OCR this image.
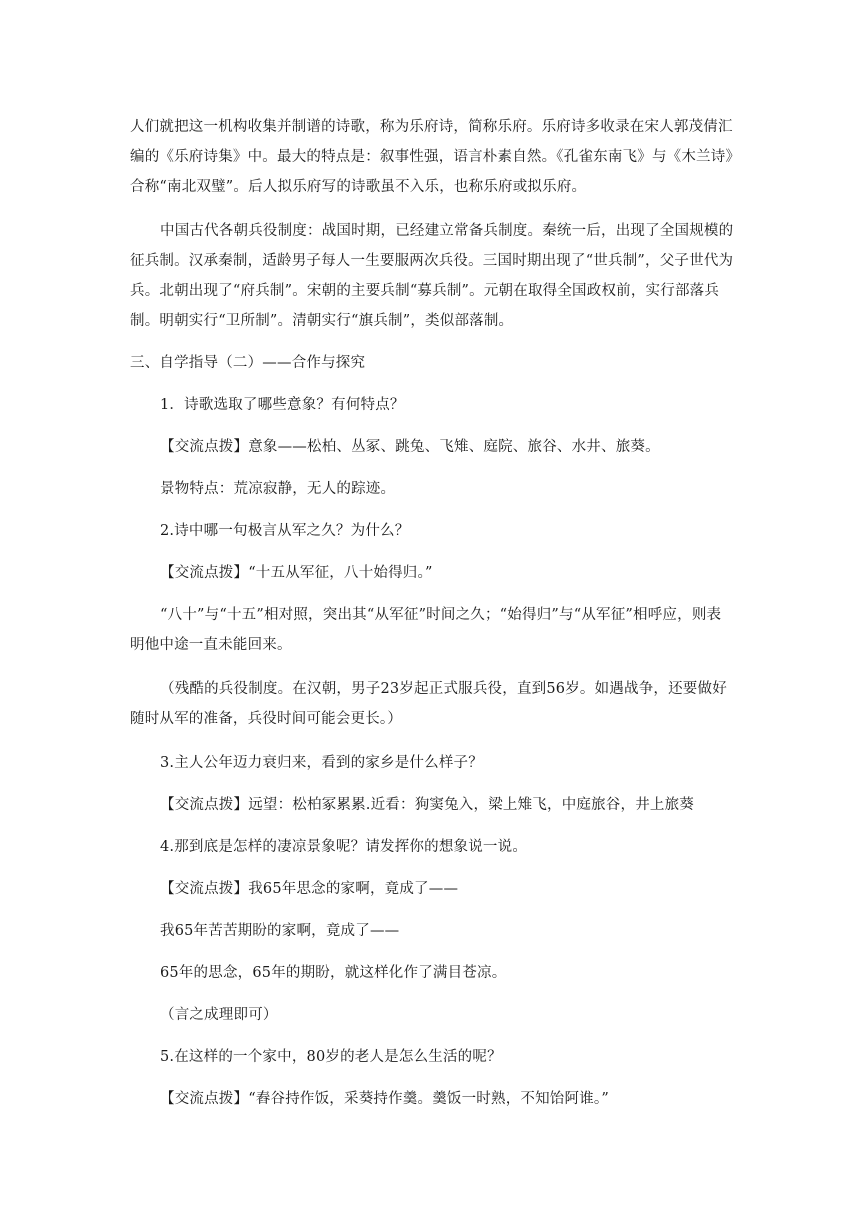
人们就把这一机构收集并制谱的诗歌，称为乐府诗，简称乐府。乐府诗多收录在宋人郭茂倩汇编的《乐府诗集》中。最大的特点是：叙事性强，语言朴素自然。《孔雀东南飞》与《木兰诗》合称“南北双璧”。后人拟乐府写的诗歌虽不入乐，也称乐府或拟乐府。

中国古代各朝兵役制度：战国时期，已经建立常备兵制度。秦统一后，出现了全国规模的征兵制。汉承秦制，适龄男子每人一生要服两次兵役。三国时期出现了“世兵制”，父子世代为兵。北朝出现了“府兵制”。宋朝的主要兵制“募兵制”。元朝在取得全国政权前，实行部落兵制。明朝实行“卫所制”。清朝实行“旗兵制”，类似部落制。

三、自学指导（二）——合作与探究

1．诗歌选取了哪些意象？有何特点？

【交流点拨】意象——松柏、丛冢、跳兔、飞雉、庭院、旅谷、水井、旅葵。

景物特点：荒凉寂静，无人的踪迹。

2.诗中哪一句极言从军之久？为什么？

【交流点拨】“十五从军征，八十始得归。”

“八十”与“十五”相对照，突出其“从军征”时间之久；“始得归”与“从军征”相呼应，则表明他中途一直未能回来。

（残酷的兵役制度。在汉朝，男子23岁起正式服兵役，直到56岁。如遇战争，还要做好随时从军的准备，兵役时间可能会更长。）

3.主人公年迈力衰归来，看到的家乡是什么样子？

【交流点拨】远望：松柏冢累累.近看：狗窦兔入，梁上雉飞，中庭旅谷，井上旅葵

4.那到底是怎样的凄凉景象呢？请发挥你的想象说一说。

【交流点拨】我65年思念的家啊，竟成了——

我65年苦苦期盼的家啊，竟成了——

65年的思念，65年的期盼，就这样化作了满目苍凉。

（言之成理即可）

5.在这样的一个家中，80岁的老人是怎么生活的呢？

【交流点拨】“舂谷持作饭，采葵持作羹。羹饭一时熟，不知饴阿谁。”
